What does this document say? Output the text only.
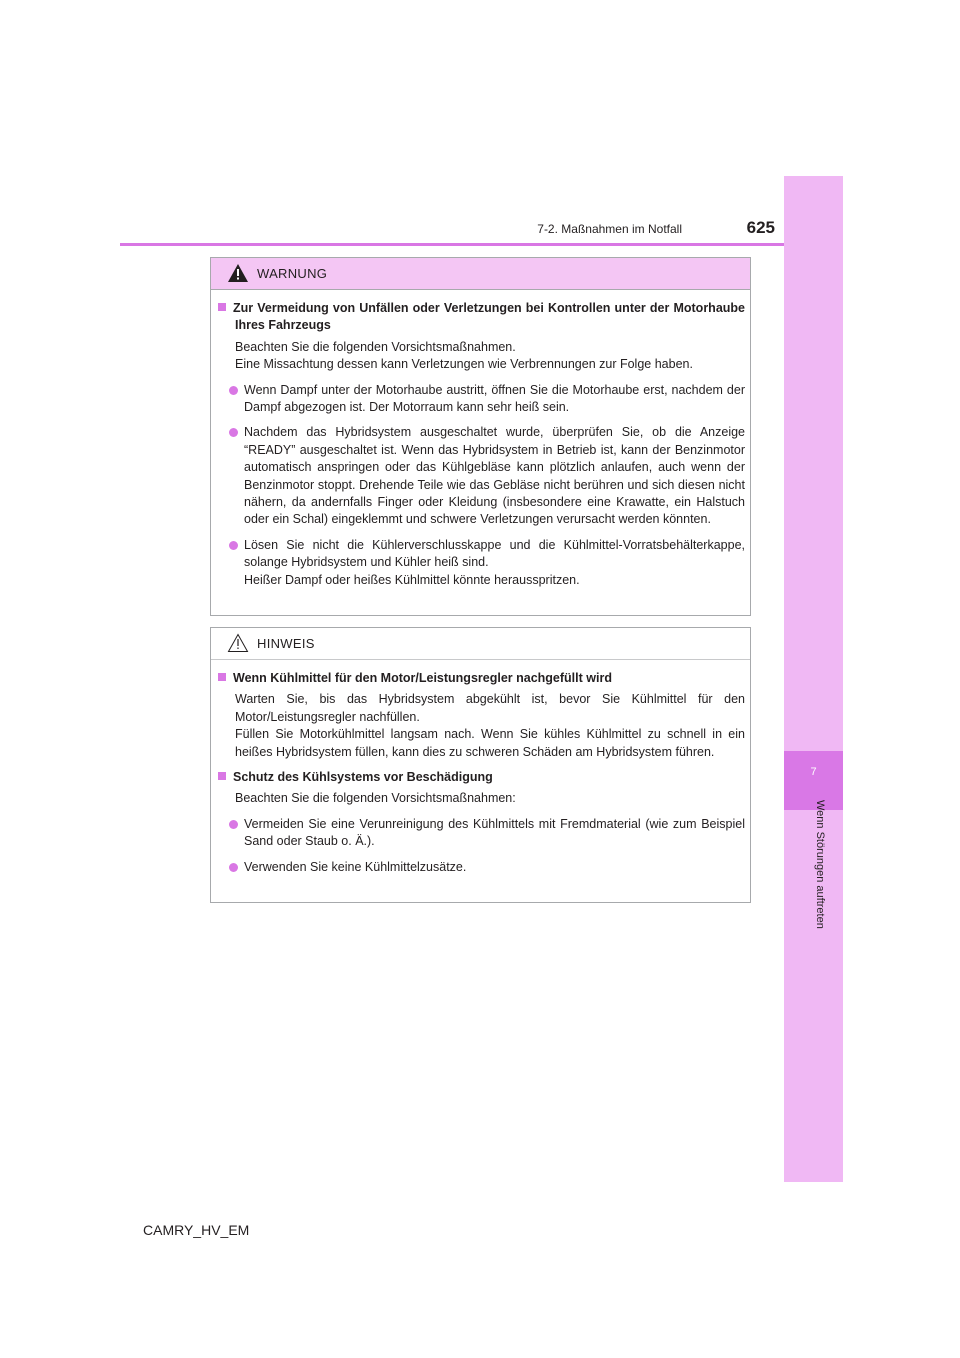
7
Wenn Störungen auftreten
7-2. Maßnahmen im Notfall	625
WARNUNG

Zur Vermeidung von Unfällen oder Verletzungen bei Kontrollen unter der Motorhaube Ihres Fahrzeugs

Beachten Sie die folgenden Vorsichtsmaßnahmen.
Eine Missachtung dessen kann Verletzungen wie Verbrennungen zur Folge haben.
Wenn Dampf unter der Motorhaube austritt, öffnen Sie die Motorhaube erst, nachdem der Dampf abgezogen ist. Der Motorraum kann sehr heiß sein.
Nachdem das Hybridsystem ausgeschaltet wurde, überprüfen Sie, ob die Anzeige “READY” ausgeschaltet ist. Wenn das Hybridsystem in Betrieb ist, kann der Benzinmotor automatisch anspringen oder das Kühlgebläse kann plötzlich anlaufen, auch wenn der Benzinmotor stoppt. Drehende Teile wie das Gebläse nicht berühren und sich diesen nicht nähern, da andernfalls Finger oder Kleidung (insbesondere eine Krawatte, ein Halstuch oder ein Schal) eingeklemmt und schwere Verletzungen verursacht werden könnten.
Lösen Sie nicht die Kühlerverschlusskappe und die Kühlmittel-Vorratsbehälterkappe, solange Hybridsystem und Kühler heiß sind.
Heißer Dampf oder heißes Kühlmittel könnte herausspritzen.
HINWEIS

Wenn Kühlmittel für den Motor/Leistungsregler nachgefüllt wird

Warten Sie, bis das Hybridsystem abgekühlt ist, bevor Sie Kühlmittel für den Motor/Leistungsregler nachfüllen.
Füllen Sie Motorkühlmittel langsam nach. Wenn Sie kühles Kühlmittel zu schnell in ein heißes Hybridsystem füllen, kann dies zu schweren Schäden am Hybridsystem führen.

Schutz des Kühlsystems vor Beschädigung

Beachten Sie die folgenden Vorsichtsmaßnahmen:
Vermeiden Sie eine Verunreinigung des Kühlmittels mit Fremdmaterial (wie zum Beispiel Sand oder Staub o. Ä.).
Verwenden Sie keine Kühlmittelzusätze.
CAMRY_HV_EM
